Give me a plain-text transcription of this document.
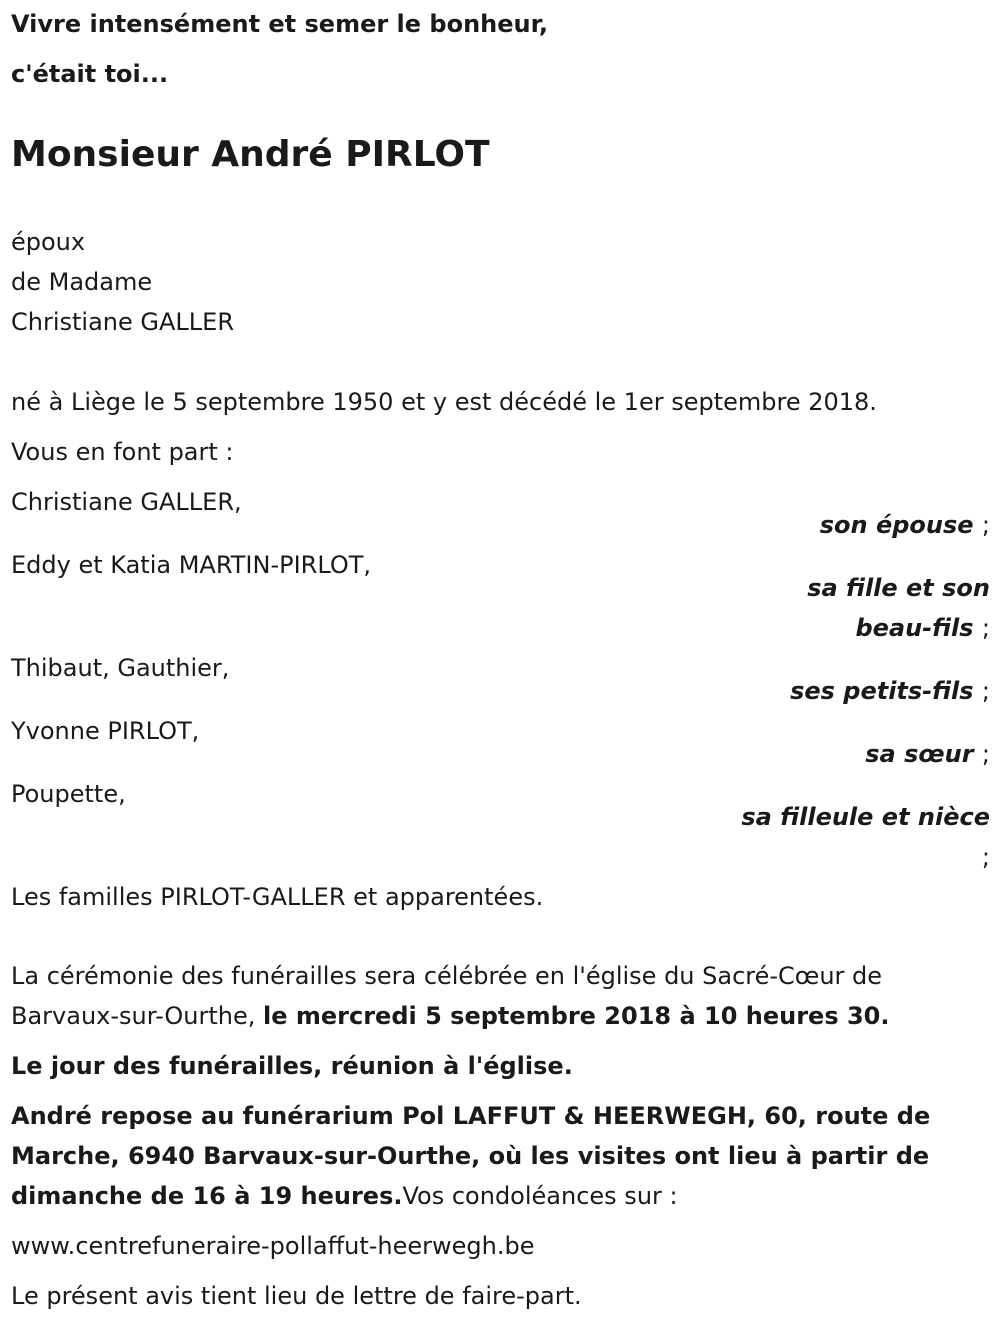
Vivre intensément et semer le bonheur,
c'était toi...
Monsieur André PIRLOT
époux
de Madame
Christiane GALLER
né à Liège le 5 septembre 1950 et y est décédé le 1er septembre 2018.
Vous en font part :
Christiane GALLER,
son épouse ;
Eddy et Katia MARTIN-PIRLOT,
sa fille et son
beau-fils ;
Thibaut, Gauthier,
ses petits-fils ;
Yvonne PIRLOT,
sa sœur ;
Poupette,
sa filleule et nièce
;
Les familles PIRLOT-GALLER et apparentées.
La cérémonie des funérailles sera célébrée en l'église du Sacré-Cœur de
Barvaux-sur-Ourthe, le mercredi 5 septembre 2018 à 10 heures 30.
Le jour des funérailles, réunion à l'église.
André repose au funérarium Pol LAFFUT & HEERWEGH, 60, route de
Marche, 6940 Barvaux-sur-Ourthe, où les visites ont lieu à partir de
dimanche de 16 à 19 heures.Vos condoléances sur :
www.centrefuneraire-pollaffut-heerwegh.be
Le présent avis tient lieu de lettre de faire-part.
